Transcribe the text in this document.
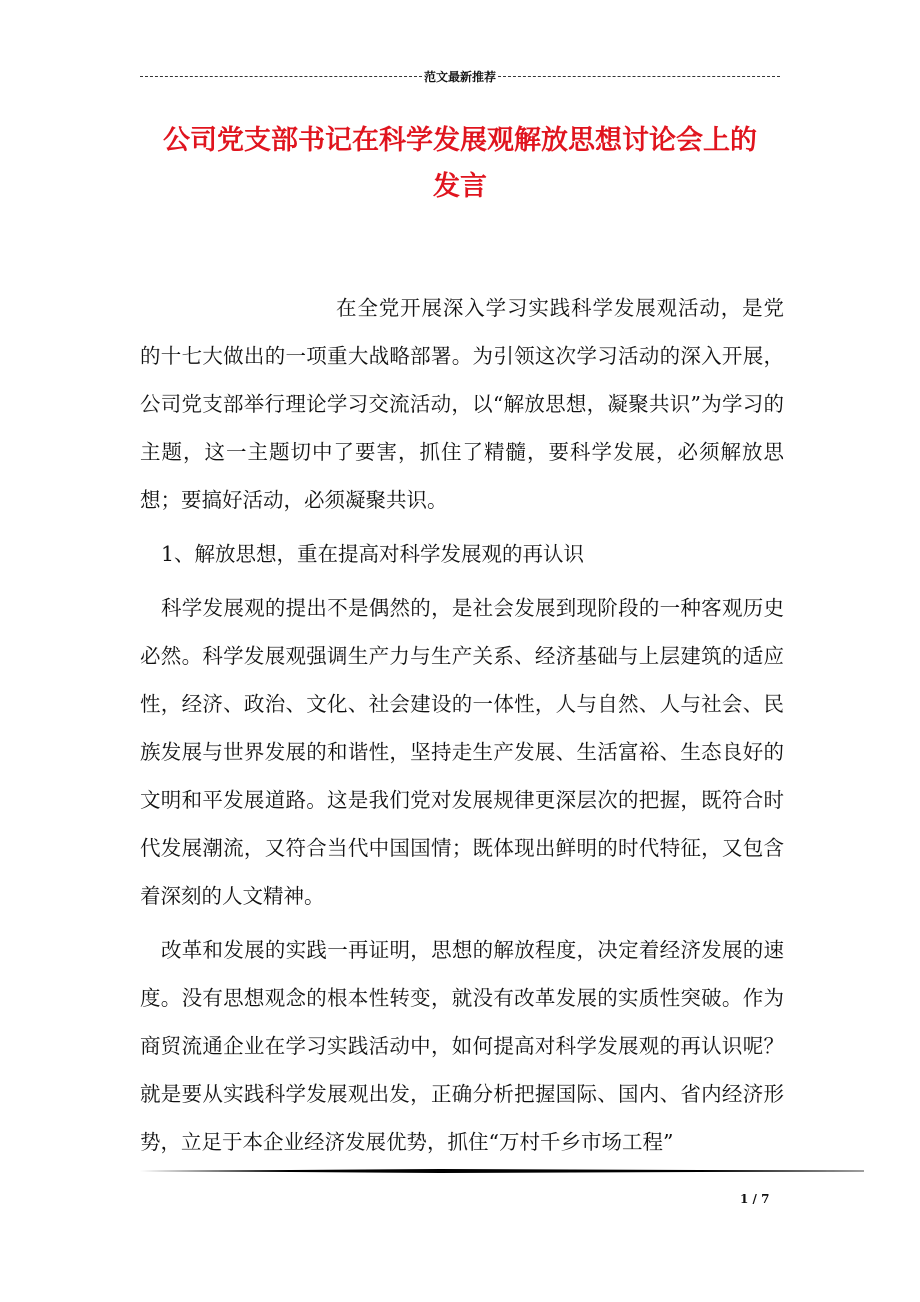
范文最新推荐
公司党支部书记在科学发展观解放思想讨论会上的
发言

在全党开展深入学习实践科学发展观活动，是党的十七大做出的一项重大战略部署。为引领这次学习活动的深入开展，公司党支部举行理论学习交流活动，以“解放思想，凝聚共识”为学习的主题，这一主题切中了要害，抓住了精髓，要科学发展，必须解放思想；要搞好活动，必须凝聚共识。

1、解放思想，重在提高对科学发展观的再认识

科学发展观的提出不是偶然的，是社会发展到现阶段的一种客观历史必然。科学发展观强调生产力与生产关系、经济基础与上层建筑的适应性，经济、政治、文化、社会建设的一体性，人与自然、人与社会、民族发展与世界发展的和谐性，坚持走生产发展、生活富裕、生态良好的文明和平发展道路。这是我们党对发展规律更深层次的把握，既符合时代发展潮流，又符合当代中国国情；既体现出鲜明的时代特征，又包含着深刻的人文精神。

改革和发展的实践一再证明，思想的解放程度，决定着经济发展的速度。没有思想观念的根本性转变，就没有改革发展的实质性突破。作为商贸流通企业在学习实践活动中，如何提高对科学发展观的再认识呢？就是要从实践科学发展观出发，正确分析把握国际、国内、省内经济形势，立足于本企业经济发展优势，抓住“万村千乡市场工程”

1 / 7
